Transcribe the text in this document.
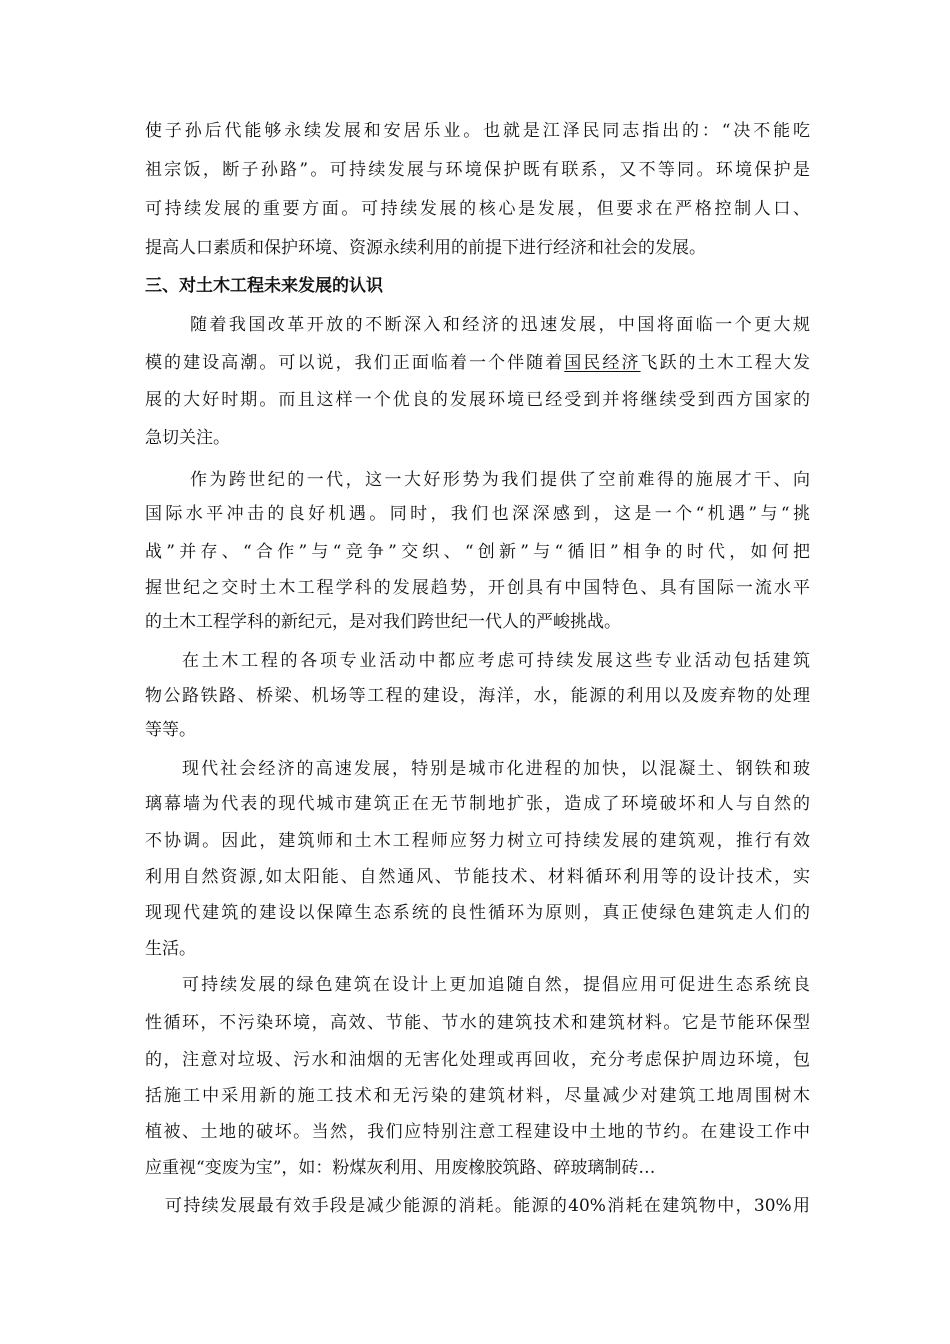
使子孙后代能够永续发展和安居乐业。也就是江泽民同志指出的：“决不能吃
祖宗饭，断子孙路”。可持续发展与环境保护既有联系，又不等同。环境保护是
可持续发展的重要方面。可持续发展的核心是发展，但要求在严格控制人口、
提高人口素质和保护环境、资源永续利用的前提下进行经济和社会的发展。
三、对土木工程未来发展的认识
随着我国改革开放的不断深入和经济的迅速发展，中国将面临一个更大规
模的建设高潮。可以说，我们正面临着一个伴随着国民经济飞跃的土木工程大发
展的大好时期。而且这样一个优良的发展环境已经受到并将继续受到西方国家的
急切关注。
作为跨世纪的一代，这一大好形势为我们提供了空前难得的施展才干、向
国际水平冲击的良好机遇。同时，我们也深深感到，这是一个“机遇”与“挑
战”并存、“合作”与“竞争”交织、“创新”与“循旧”相争的时代，如何把
握世纪之交时土木工程学科的发展趋势，开创具有中国特色、具有国际一流水平
的土木工程学科的新纪元，是对我们跨世纪一代人的严峻挑战。
在土木工程的各项专业活动中都应考虑可持续发展这些专业活动包括建筑
物公路铁路、桥梁、机场等工程的建设，海洋，水，能源的利用以及废弃物的处理
等等。
现代社会经济的高速发展，特别是城市化进程的加快，以混凝土、钢铁和玻
璃幕墙为代表的现代城市建筑正在无节制地扩张，造成了环境破坏和人与自然的
不协调。因此，建筑师和土木工程师应努力树立可持续发展的建筑观，推行有效
利用自然资源,如太阳能、自然通风、节能技术、材料循环利用等的设计技术，实
现现代建筑的建设以保障生态系统的良性循环为原则，真正使绿色建筑走人们的
生活。
可持续发展的绿色建筑在设计上更加追随自然，提倡应用可促进生态系统良
性循环，不污染环境，高效、节能、节水的建筑技术和建筑材料。它是节能环保型
的，注意对垃圾、污水和油烟的无害化处理或再回收，充分考虑保护周边环境，包
括施工中采用新的施工技术和无污染的建筑材料，尽量减少对建筑工地周围树木
植被、土地的破坏。当然，我们应特别注意工程建设中土地的节约。在建设工作中
应重视“变废为宝”，如：粉煤灰利用、用废橡胶筑路、碎玻璃制砖…
可持续发展最有效手段是减少能源的消耗。能源的40%消耗在建筑物中，30%用
